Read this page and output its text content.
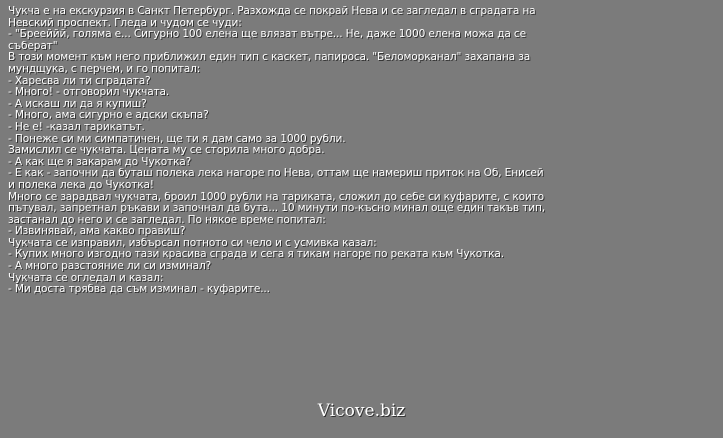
Чукча е на екскурзия в Санкт Петербург. Разхожда се покрай Нева и се загледал в сградата на
Невский проспект. Гледа и чудом се чуди:
- "Брееййй, голяма е... Сигурно 100 елена ще влязат вътре... Не, даже 1000 елена можа да се
съберат"
В този момент към него приближил един тип с каскет, папироса. "Беломорканал" захапана за
мундщука, с перчем, и го попитал:
- Харесва ли ти сградата?
- Много! - отговорил чукчата.
- А искаш ли да я купиш?
- Много, ама сигурно е адски скъпа?
- Не е! -казал тарикатът.
- Понеже си ми симпатичен, ще ти я дам само за 1000 рубли.
Замислил се чукчата. Цената му се сторила много добра.
- А как ще я закарам до Чукотка?
- Е как - започни да буташ полека лека нагоре по Нева, оттам ще намериш приток на Об, Енисей
и полека лека до Чукотка!
Много се зарадвал чукчата, броил 1000 рубли на тариката, сложил до себе си куфарите, с които
пътувал, запретнал ръкави и започнал да бута... 10 минути по-късно минал още един такъв тип,
застанал до него и се загледал. По някое време попитал:
- Извинявай, ама какво правиш?
Чукчата се изправил, избърсал потното си чело и с усмивка казал:
- Купих много изгодно тази красива сграда и сега я тикам нагоре по реката към Чукотка.
- А много разстояние ли си изминал?
Чукчата се огледал и казал:
- Ми доста трябва да съм изминал - куфарите...
Vicove.biz
